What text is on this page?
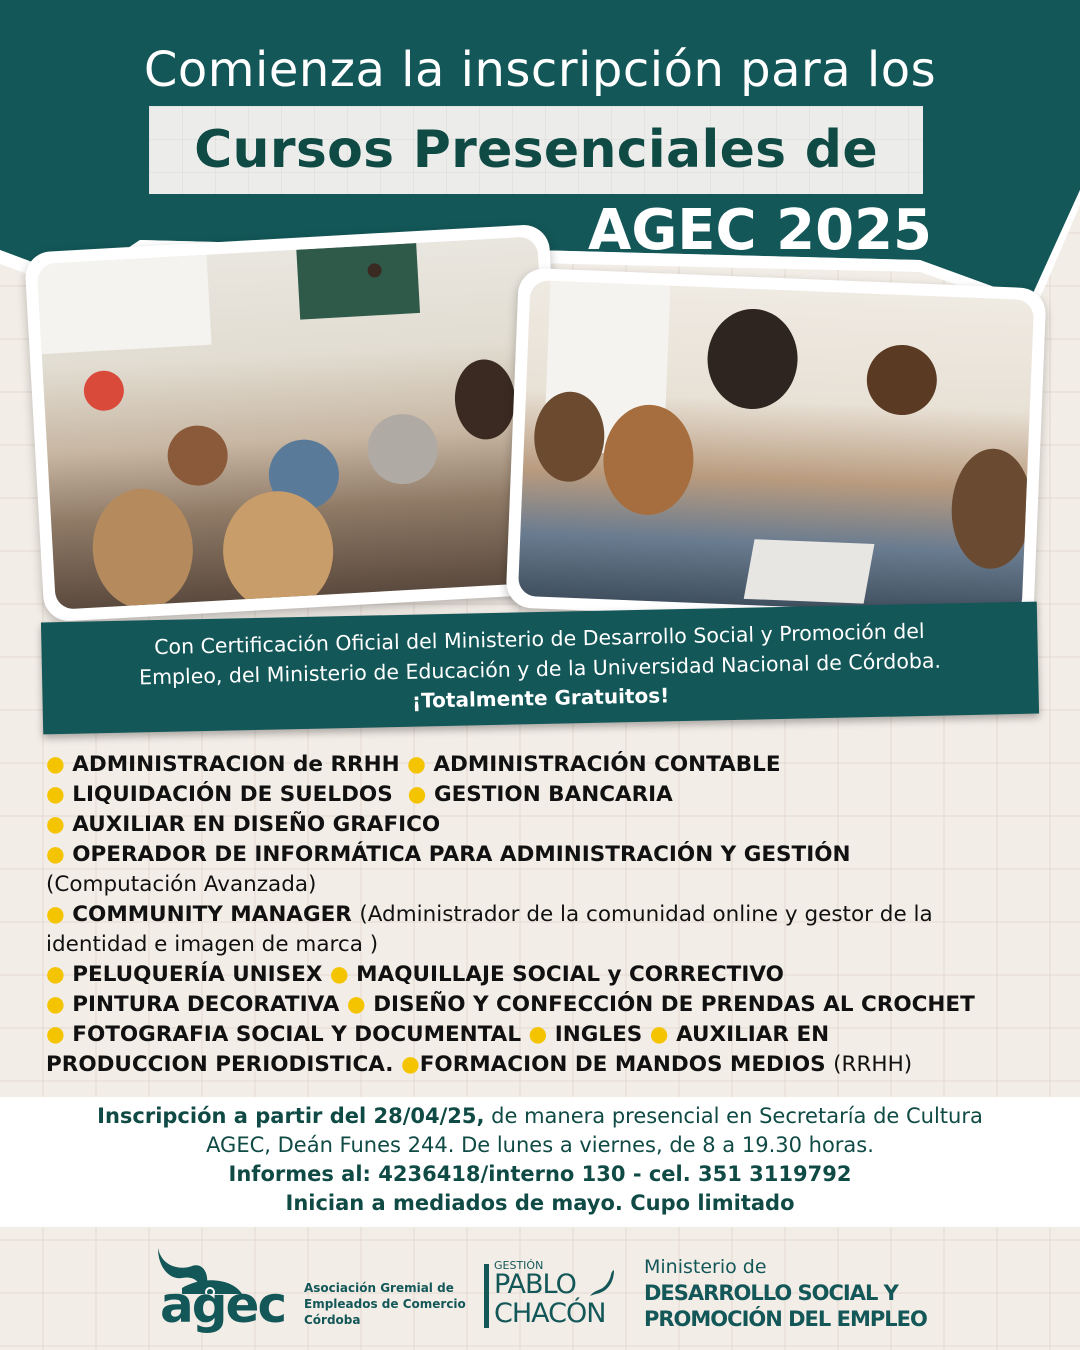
Comienza la inscripción para los
Cursos Presenciales de
AGEC 2025
Con Certificación Oficial del Ministerio de Desarrollo Social y Promoción del
Empleo, del Ministerio de Educación y de la Universidad Nacional de Córdoba.
¡Totalmente Gratuitos!
● ADMINISTRACION de RRHH ● ADMINISTRACIÓN CONTABLE
● LIQUIDACIÓN DE SUELDOS ● GESTION BANCARIA
● AUXILIAR EN DISEÑO GRAFICO
● OPERADOR DE INFORMÁTICA PARA ADMINISTRACIÓN Y GESTIÓN
(Computación Avanzada)
● COMMUNITY MANAGER (Administrador de la comunidad online y gestor de la
identidad e imagen de marca )
● PELUQUERÍA UNISEX ● MAQUILLAJE SOCIAL y CORRECTIVO
● PINTURA DECORATIVA ● DISEÑO Y CONFECCIÓN DE PRENDAS AL CROCHET
● FOTOGRAFIA SOCIAL Y DOCUMENTAL ● INGLES ● AUXILIAR EN
PRODUCCION PERIODISTICA. ●FORMACION DE MANDOS MEDIOS (RRHH)
Inscripción a partir del 28/04/25, de manera presencial en Secretaría de Cultura
AGEC, Deán Funes 244. De lunes a viernes, de 8 a 19.30 horas.
Informes al: 4236418/interno 130 - cel. 351 3119792
Inician a mediados de mayo. Cupo limitado
agec Asociación Gremial de
Empleados de Comercio
Córdoba
GESTIÓN
PABLO
CHACÓN
Ministerio de
DESARROLLO SOCIAL Y
PROMOCIÓN DEL EMPLEO
